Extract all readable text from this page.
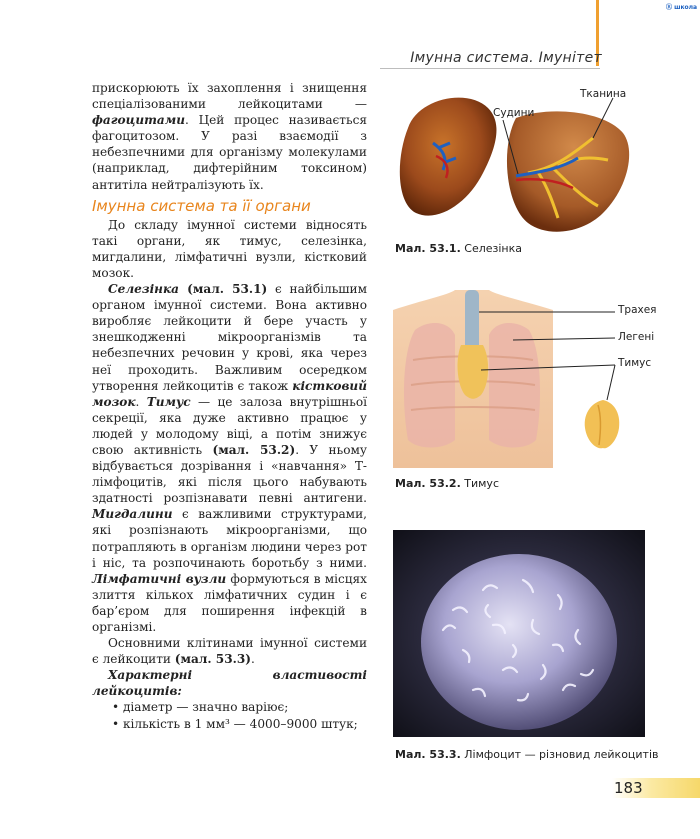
Ⓡ школа
Імунна система. Імунітет

прискорюють їх захоплення і знищення спеціалізованими лейкоцитами — фагоцитами. Цей процес називається фагоцитозом. У разі взаємодії з небезпечними для організму молекулами (наприклад, дифтерійним токсином) антитіла нейтралізують їх.

Імунна система та її органи

До складу імунної системи відносять такі органи, як тимус, селезінка, мигдалини, лімфатичні вузли, кістковий мозок.

Селезінка (мал. 53.1) є найбільшим органом імунної системи. Вона активно виробляє лейкоцити й бере участь у знешкодженні мікроорганізмів та небезпечних речовин у крові, яка через неї проходить. Важливим осередком утворення лейкоцитів є також кістковий мозок. Тимус — це залоза внутрішньої секреції, яка дуже активно працює у людей у молодому віці, а потім знижує свою активність (мал. 53.2). У ньому відбувається дозрівання і «навчання» Т-лімфоцитів, які після цього набувають здатності розпізнавати певні антигени. Мигдалини є важливими структурами, які розпізнають мікроорганізми, що потрапляють в організм людини через рот і ніс, та розпочинають боротьбу з ними. Лімфатичні вузли формуються в місцях злиття кількох лімфатичних судин і є бар’єром для поширення інфекцій в організмі.

Основними клітинами імунної системи є лейкоцити (мал. 53.3).

Характерні властивості лейкоцитів:

• діаметр — значно варіює;

• кількість в 1 мм³ — 4000–9000 штук;

Судини
Тканина
Мал. 53.1. Селезінка
Трахея
Легені
Тимус
Мал. 53.2. Тимус
Мал. 53.3. Лімфоцит — різновид лейкоцитів
183
